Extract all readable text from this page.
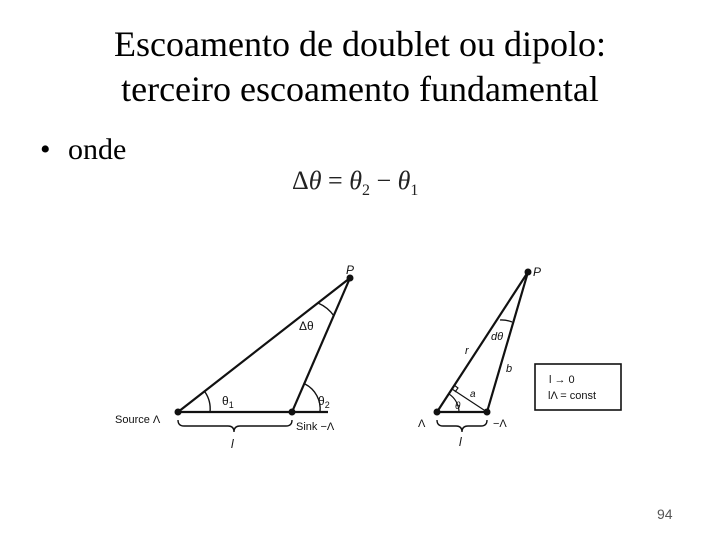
Escoamento de doublet ou dipolo:
terceiro escoamento fundamental
• onde
$\Delta\theta = \theta_2 - \theta_1$
P
Δθ
$\theta_1$	$\theta_2$
Source Λ
Sink −Λ
l
P
dθ
r
b
a
θ
Λ	−Λ
l
l → 0
lΛ = const
94
